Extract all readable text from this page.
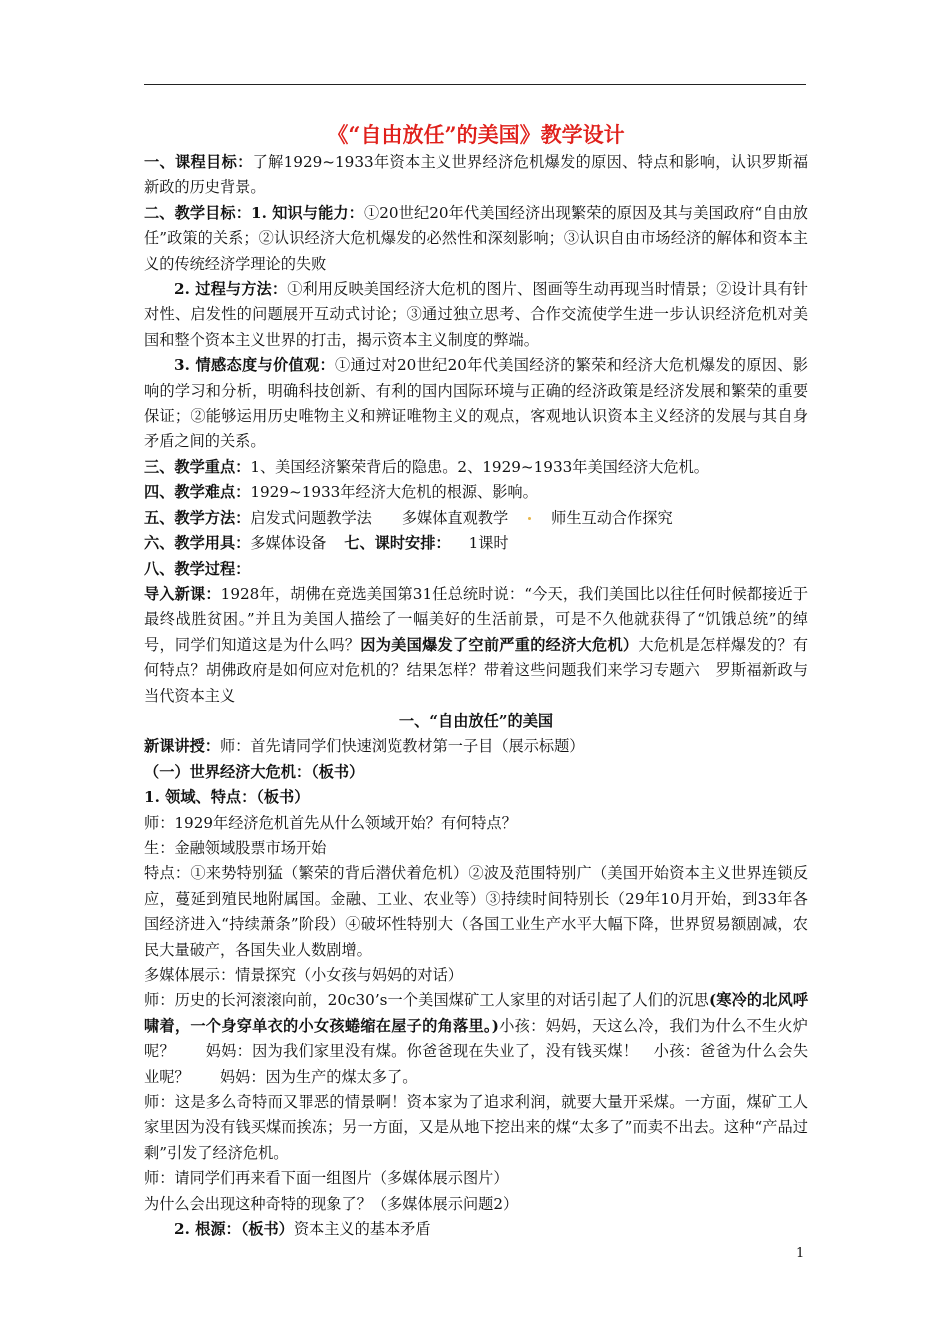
《“自由放任”的美国》教学设计

一、课程目标：了解1929~1933年资本主义世界经济危机爆发的原因、特点和影响，认识罗斯福新政的历史背景。

二、教学目标：1. 知识与能力：①20世纪20年代美国经济出现繁荣的原因及其与美国政府“自由放任”政策的关系；②认识经济大危机爆发的必然性和深刻影响；③认识自由市场经济的解体和资本主义的传统经济学理论的失败

2. 过程与方法：①利用反映美国经济大危机的图片、图画等生动再现当时情景；②设计具有针对性、启发性的问题展开互动式讨论；③通过独立思考、合作交流使学生进一步认识经济危机对美国和整个资本主义世界的打击，揭示资本主义制度的弊端。

3. 情感态度与价值观：①通过对20世纪20年代美国经济的繁荣和经济大危机爆发的原因、影响的学习和分析，明确科技创新、有利的国内国际环境与正确的经济政策是经济发展和繁荣的重要保证；②能够运用历史唯物主义和辨证唯物主义的观点，客观地认识资本主义经济的发展与其自身矛盾之间的关系。

三、教学重点：1、美国经济繁荣背后的隐患。2、1929~1933年美国经济大危机。

四、教学难点：1929~1933年经济大危机的根源、影响。

五、教学方法：启发式问题教学法 多媒体直观教学	师生互动合作探究

六、教学用具：多媒体设备 七、课时安排： 1课时

八、教学过程：

导入新课：1928年，胡佛在竞选美国第31任总统时说：“今天，我们美国比以往任何时候都接近于最终战胜贫困。”并且为美国人描绘了一幅美好的生活前景，可是不久他就获得了“饥饿总统”的绰号，同学们知道这是为什么吗？因为美国爆发了空前严重的经济大危机）大危机是怎样爆发的？有何特点？胡佛政府是如何应对危机的？结果怎样？带着这些问题我们来学习专题六　罗斯福新政与当代资本主义

一、“自由放任”的美国

新课讲授：师：首先请同学们快速浏览教材第一子目（展示标题）

（一）世界经济大危机：（板书）

1. 领域、特点：（板书）

师：1929年经济危机首先从什么领域开始？有何特点？

生：金融领域股票市场开始

特点：①来势特别猛（繁荣的背后潜伏着危机）②波及范围特别广（美国开始资本主义世界连锁反应，蔓延到殖民地附属国。金融、工业、农业等）③持续时间特别长（29年10月开始，到33年各国经济进入“持续萧条”阶段）④破坏性特别大（各国工业生产水平大幅下降，世界贸易额剧减，农民大量破产，各国失业人数剧增。

多媒体展示：情景探究（小女孩与妈妈的对话）

师：历史的长河滚滚向前，20c30’s一个美国煤矿工人家里的对话引起了人们的沉思(寒冷的北风呼啸着，一个身穿单衣的小女孩蜷缩在屋子的角落里。)小孩：妈妈，天这么冷，我们为什么不生火炉呢？　　妈妈：因为我们家里没有煤。你爸爸现在失业了，没有钱买煤！　小孩：爸爸为什么会失业呢？　　妈妈：因为生产的煤太多了。

师：这是多么奇特而又罪恶的情景啊！资本家为了追求利润，就要大量开采煤。一方面，煤矿工人家里因为没有钱买煤而挨冻；另一方面，又是从地下挖出来的煤“太多了”而卖不出去。这种“产品过剩”引发了经济危机。

师：请同学们再来看下面一组图片（多媒体展示图片）

为什么会出现这种奇特的现象了？（多媒体展示问题2）

2. 根源：（板书）资本主义的基本矛盾

1
